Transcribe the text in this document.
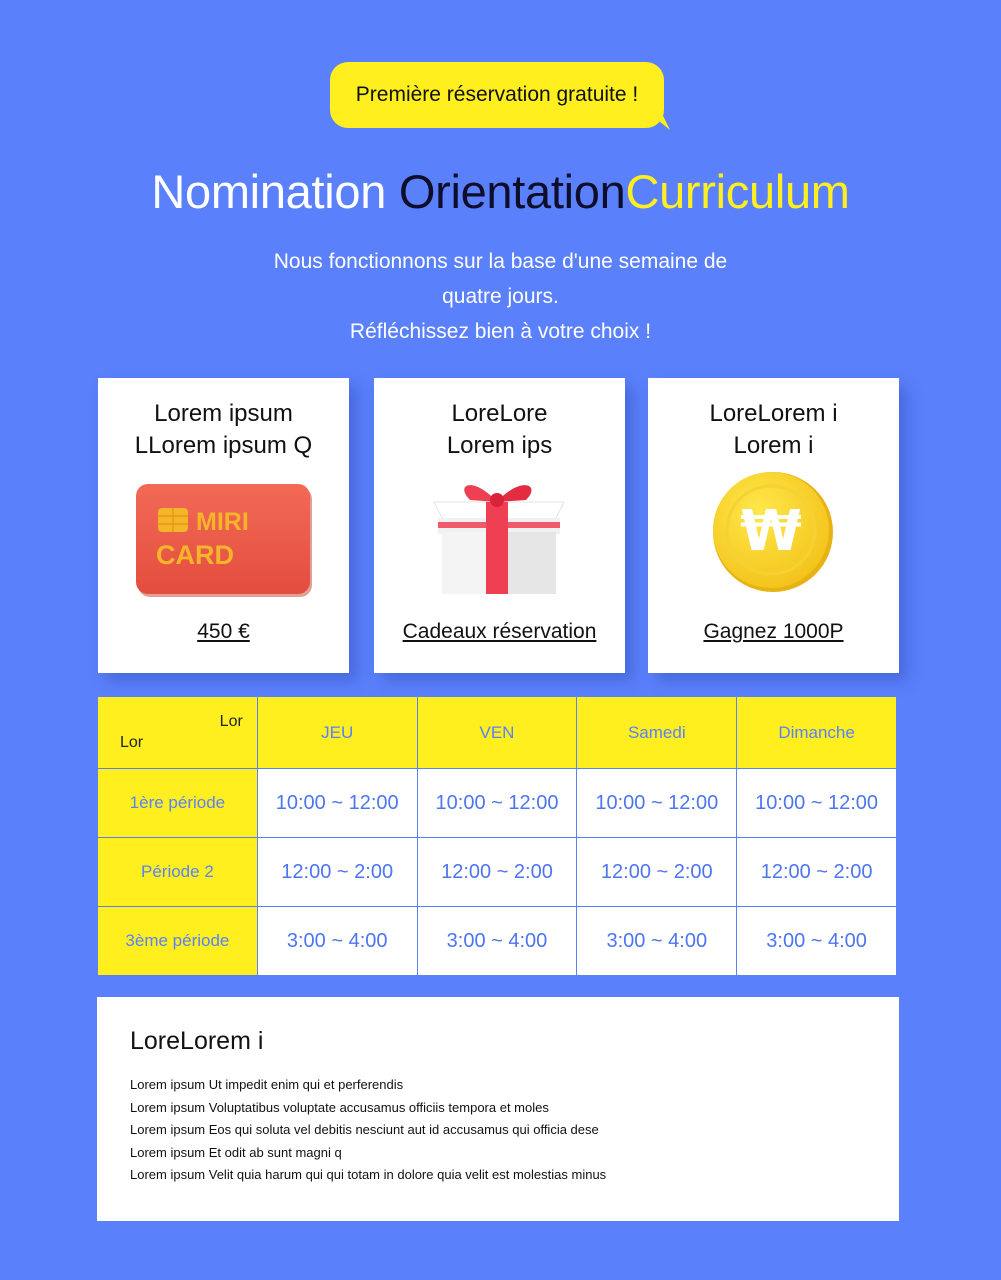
Première réservation gratuite !
Nomination OrientationCurriculum
Nous fonctionnons sur la base d'une semaine de
quatre jours.
Réfléchissez bien à votre choix !
Lorem ipsum
LLorem ipsum Q
MIRI
CARD
450 €
LoreLore
Lorem ips
Cadeaux réservation
LoreLorem i
Lorem i
₩
Gagnez 1000P
Lor
Lor	JEU	VEN	Samedi	Dimanche
1ère période	10:00 ~ 12:00	10:00 ~ 12:00	10:00 ~ 12:00	10:00 ~ 12:00
Période 2	12:00 ~ 2:00	12:00 ~ 2:00	12:00 ~ 2:00	12:00 ~ 2:00
3ème période	3:00 ~ 4:00	3:00 ~ 4:00	3:00 ~ 4:00	3:00 ~ 4:00
LoreLorem i
Lorem ipsum Ut impedit enim qui et perferendis
Lorem ipsum Voluptatibus voluptate accusamus officiis tempora et moles
Lorem ipsum Eos qui soluta vel debitis nesciunt aut id accusamus qui officia dese
Lorem ipsum Et odit ab sunt magni q
Lorem ipsum Velit quia harum qui qui totam in dolore quia velit est molestias minus
